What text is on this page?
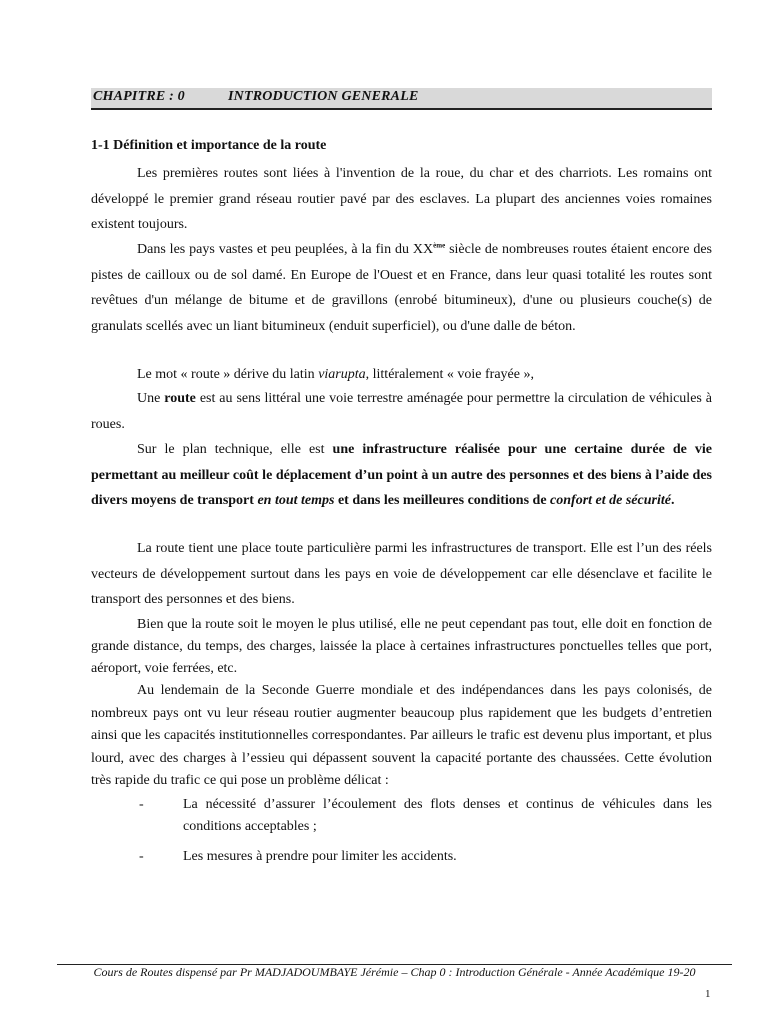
CHAPITRE : 0	INTRODUCTION GENERALE
1-1 Définition et importance de la route

Les premières routes sont liées à l'invention de la roue, du char et des charriots. Les romains ont développé le premier grand réseau routier pavé par des esclaves. La plupart des anciennes voies romaines existent toujours.

Dans les pays vastes et peu peuplées, à la fin du XXème siècle de nombreuses routes étaient encore des pistes de cailloux ou de sol damé. En Europe de l'Ouest et en France, dans leur quasi totalité les routes sont revêtues d'un mélange de bitume et de gravillons (enrobé bitumineux), d'une ou plusieurs couche(s) de granulats scellés avec un liant bitumineux (enduit superficiel), ou d'une dalle de béton.

Le mot « route » dérive du latin viarupta, littéralement « voie frayée »,

Une route est au sens littéral une voie terrestre aménagée pour permettre la circulation de véhicules à roues.

Sur le plan technique, elle est une infrastructure réalisée pour une certaine durée de vie permettant au meilleur coût le déplacement d’un point à un autre des personnes et des biens à l’aide des divers moyens de transport en tout temps et dans les meilleures conditions de confort et de sécurité.

La route tient une place toute particulière parmi les infrastructures de transport. Elle est l’un des réels vecteurs de développement surtout dans les pays en voie de développement car elle désenclave et facilite le transport des personnes et des biens.

Bien que la route soit le moyen le plus utilisé, elle ne peut cependant pas tout, elle doit en fonction de grande distance, du temps, des charges, laissée la place à certaines infrastructures ponctuelles telles que port, aéroport, voie ferrées, etc.

Au lendemain de la Seconde Guerre mondiale et des indépendances dans les pays colonisés, de nombreux pays ont vu leur réseau routier augmenter beaucoup plus rapidement que les budgets d’entretien ainsi que les capacités institutionnelles correspondantes. Par ailleurs le trafic est devenu plus important, et plus lourd, avec des charges à l’essieu qui dépassent souvent la capacité portante des chaussées. Cette évolution très rapide du trafic ce qui pose un problème délicat :

-	La nécessité d’assurer l’écoulement des flots denses et continus de véhicules dans les conditions acceptables ;
-	Les mesures à prendre pour limiter les accidents.
Cours de Routes dispensé par Pr MADJADOUMBAYE Jérémie – Chap 0 : Introduction Générale - Année Académique 19-20
1
